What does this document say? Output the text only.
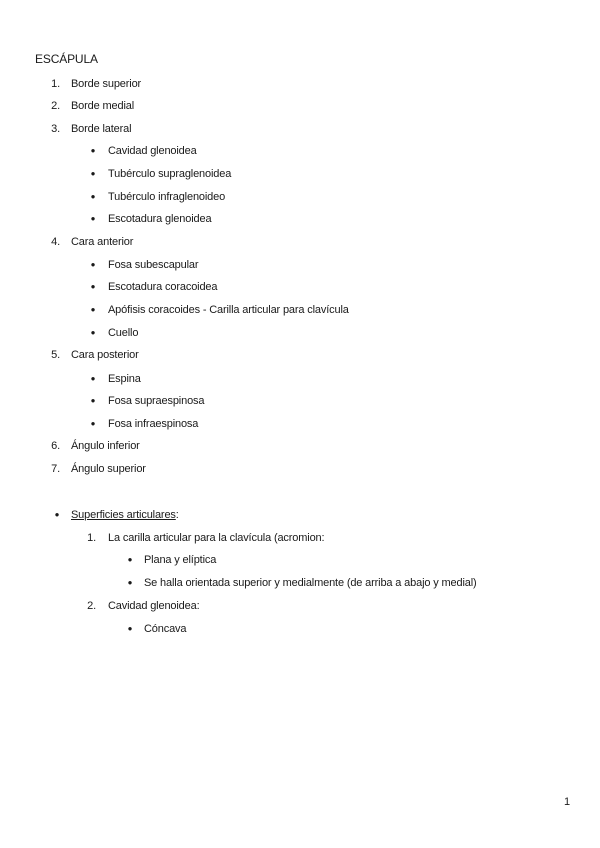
ESCÁPULA
1. Borde superior
2. Borde medial
3. Borde lateral
● Cavidad glenoidea
● Tubérculo supraglenoidea
● Tubérculo infraglenoideo
● Escotadura glenoidea
4. Cara anterior
● Fosa subescapular
● Escotadura coracoidea
● Apófisis coracoides - Carilla articular para clavícula
● Cuello
5. Cara posterior
● Espina
● Fosa supraespinosa
● Fosa infraespinosa
6. Ángulo inferior
7. Ángulo superior
● Superficies articulares:
1. La carilla articular para la clavícula (acromion:
● Plana y elíptica
● Se halla orientada superior y medialmente (de arriba a abajo y medial)
2. Cavidad glenoidea:
● Cóncava
1
